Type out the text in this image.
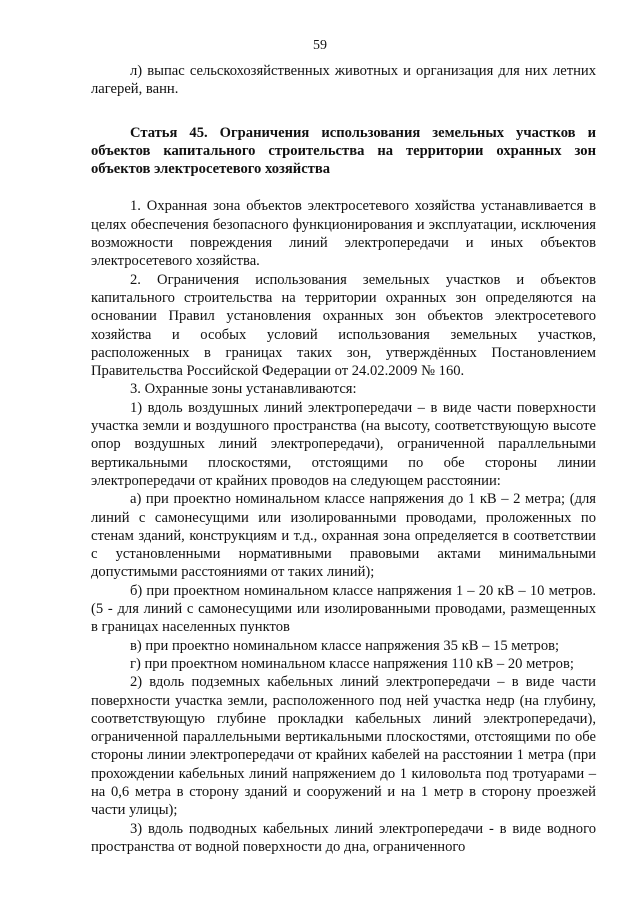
59

л) выпас сельскохозяйственных животных и организация для них летних лагерей, ванн.

Статья 45. Ограничения использования земельных участков и объектов капитального строительства на территории охранных зон объектов электросетевого хозяйства

1. Охранная зона объектов электросетевого хозяйства устанавливается в целях обеспечения безопасного функционирования и эксплуатации, исключения возможности повреждения линий электропередачи и иных объектов электросетевого хозяйства.

2. Ограничения использования земельных участков и объектов капитального строительства на территории охранных зон определяются на основании Правил установления охранных зон объектов электросетевого хозяйства и особых условий использования земельных участков, расположенных в границах таких зон, утверждённых Постановлением Правительства Российской Федерации от 24.02.2009 № 160.

3. Охранные зоны устанавливаются:

1) вдоль воздушных линий электропередачи – в виде части поверхности участка земли и воздушного пространства (на высоту, соответствующую высоте опор воздушных линий электропередачи), ограниченной параллельными вертикальными плоскостями, отстоящими по обе стороны линии электропередачи от крайних проводов на следующем расстоянии:

а) при проектно номинальном классе напряжения до 1 кВ – 2 метра; (для линий с самонесущими или изолированными проводами, проложенных по стенам зданий, конструкциям и т.д., охранная зона определяется в соответствии с установленными нормативными правовыми актами минимальными допустимыми расстояниями от таких линий);

б) при проектном номинальном классе напряжения 1 – 20 кВ – 10 метров. (5 - для линий с самонесущими или изолированными проводами, размещенных в границах населенных пунктов

в) при проектно номинальном классе напряжения 35 кВ – 15 метров;

г) при проектном номинальном классе напряжения 110 кВ – 20 метров;

2) вдоль подземных кабельных линий электропередачи – в виде части поверхности участка земли, расположенного под ней участка недр (на глубину, соответствующую глубине прокладки кабельных линий электропередачи), ограниченной параллельными вертикальными плоскостями, отстоящими по обе стороны линии электропередачи от крайних кабелей на расстоянии 1 метра (при прохождении кабельных линий напряжением до 1 киловольта под тротуарами – на 0,6 метра в сторону зданий и сооружений и на 1 метр в сторону проезжей части улицы);

3) вдоль подводных кабельных линий электропередачи - в виде водного пространства от водной поверхности до дна, ограниченного
